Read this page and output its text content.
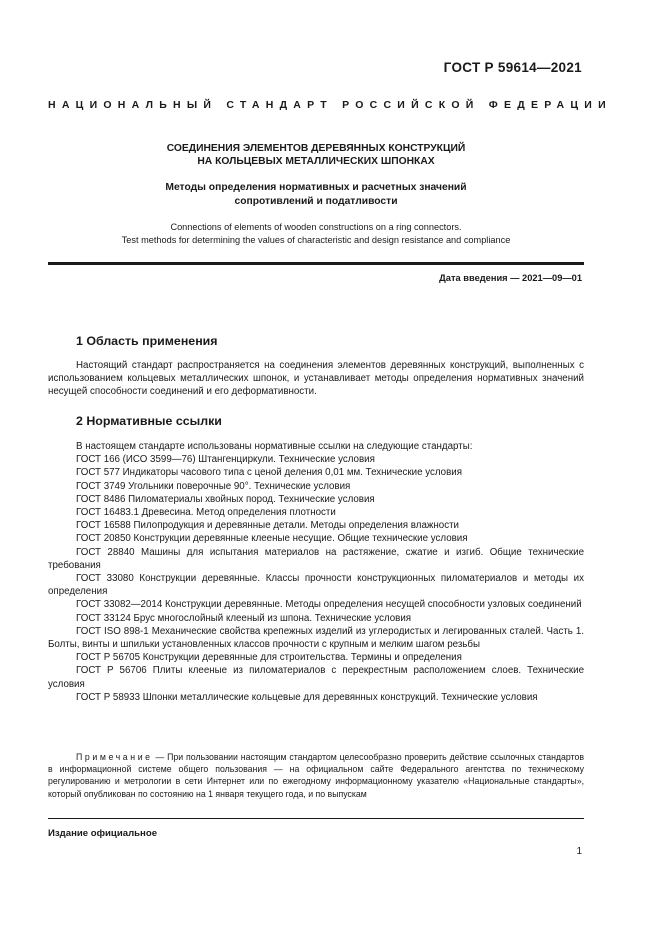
ГОСТ Р 59614—2021
НАЦИОНАЛЬНЫЙ СТАНДАРТ РОССИЙСКОЙ ФЕДЕРАЦИИ
СОЕДИНЕНИЯ ЭЛЕМЕНТОВ ДЕРЕВЯННЫХ КОНСТРУКЦИЙ
НА КОЛЬЦЕВЫХ МЕТАЛЛИЧЕСКИХ ШПОНКАХ
Методы определения нормативных и расчетных значений
сопротивлений и податливости
Connections of elements of wooden constructions on a ring connectors.
Test methods for determining the values of characteristic and design resistance and compliance
Дата введения — 2021—09—01
1 Область применения
Настоящий стандарт распространяется на соединения элементов деревянных конструкций, выполненных с использованием кольцевых металлических шпонок, и устанавливает методы определения нормативных значений несущей способности соединений и его деформативности.
2 Нормативные ссылки
В настоящем стандарте использованы нормативные ссылки на следующие стандарты:
ГОСТ 166 (ИСО 3599—76) Штангенциркули. Технические условия
ГОСТ 577 Индикаторы часового типа с ценой деления 0,01 мм. Технические условия
ГОСТ 3749 Угольники поверочные 90°. Технические условия
ГОСТ 8486 Пиломатериалы хвойных пород. Технические условия
ГОСТ 16483.1 Древесина. Метод определения плотности
ГОСТ 16588 Пилопродукция и деревянные детали. Методы определения влажности
ГОСТ 20850 Конструкции деревянные клееные несущие. Общие технические условия
ГОСТ 28840 Машины для испытания материалов на растяжение, сжатие и изгиб. Общие технические требования
ГОСТ 33080 Конструкции деревянные. Классы прочности конструкционных пиломатериалов и методы их определения
ГОСТ 33082—2014 Конструкции деревянные. Методы определения несущей способности узловых соединений
ГОСТ 33124 Брус многослойный клееный из шпона. Технические условия
ГОСТ ISO 898-1 Механические свойства крепежных изделий из углеродистых и легированных сталей. Часть 1. Болты, винты и шпильки установленных классов прочности с крупным и мелким шагом резьбы
ГОСТ Р 56705 Конструкции деревянные для строительства. Термины и определения
ГОСТ Р 56706 Плиты клееные из пиломатериалов с перекрестным расположением слоев. Технические условия
ГОСТ Р 58933 Шпонки металлические кольцевые для деревянных конструкций. Технические условия
Примечание — При пользовании настоящим стандартом целесообразно проверить действие ссылочных стандартов в информационной системе общего пользования — на официальном сайте Федерального агентства по техническому регулированию и метрологии в сети Интернет или по ежегодному информационному указателю «Национальные стандарты», который опубликован по состоянию на 1 января текущего года, и по выпускам
Издание официальное
1
